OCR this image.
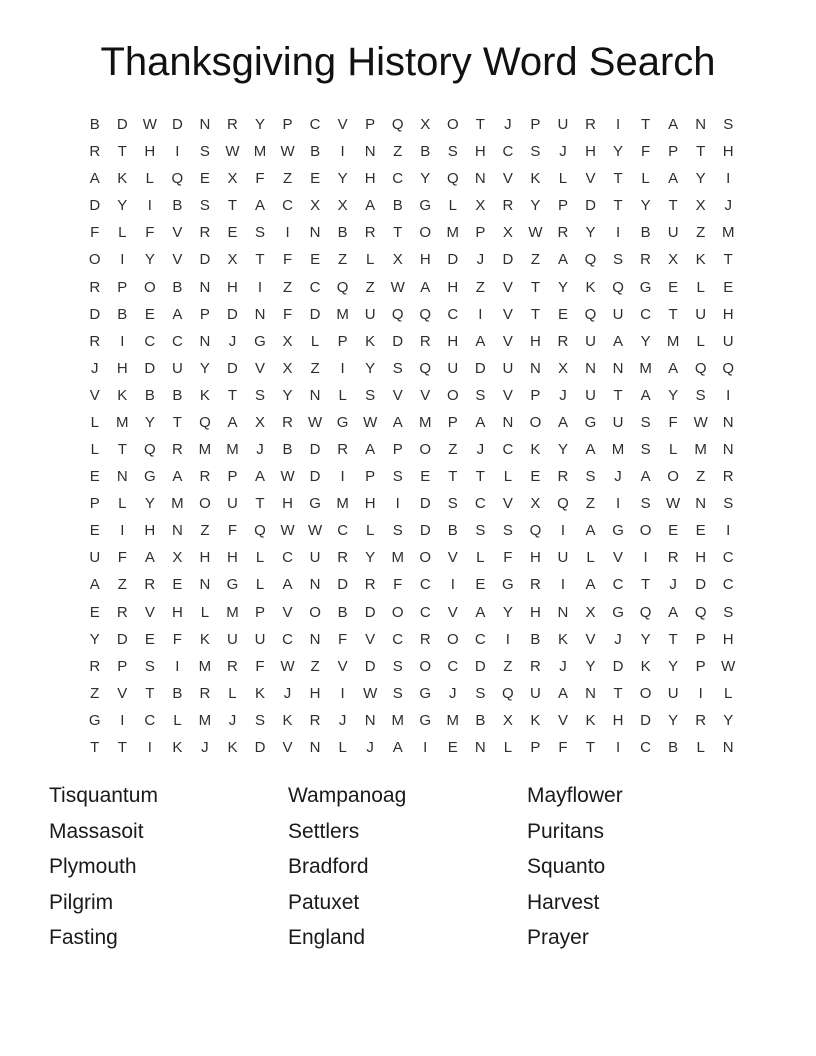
Thanksgiving History Word Search
B	D	W	D	N	R	Y	P	C	V	P	Q	X	O	T	J	P	U	R	I	T	A	N	S
R	T	H	I	S	W M W	B	I	N	Z	B	S	H	C	S	J	H	Y	F	P	T	H
A	K	L	Q	E	X	F	Z	E	Y	H	C	Y	Q	N	V	K	L	V	T	L	A	Y	I
D	Y	I	B	S	T	A	C	X	X	A	B	G	L	X	R	Y	P	D	T	Y	T	X	J
F	L	F	V	R	E	S	I	N	B	R	T	O	M	P	X	W	R	Y	I	B	U	Z	M
O	I	Y	V	D	X	T	F	E	Z	L	X	H	D	J	D	Z	A	Q	S	R	X	K	T
R	P	O	B	N	H	I	Z	C	Q	Z	W	A	H	Z	V	T	Y	K	Q	G	E	L	E
D	B	E	A	P	D	N	F	D	M	U	Q	Q	C	I	V	T	E	Q	U	C	T	U	H
R	I	C	C	N	J	G	X	L	P	K	D	R	H	A	V	H	R	U	A	Y	M	L	U
J	H	D	U	Y	D	V	X	Z	I	Y	S	Q	U	D	U	N	X	N	N	M	A	Q	Q
V	K	B	B	K	T	S	Y	N	L	S	V	V	O	S	V	P	J	U	T	A	Y	S	I
L	M	Y	T	Q	A	X	R	W G W	A	M	P	A	N	O	A	G	U	S	F	W	N
L	T	Q	R	M	M	J	B	D	R	A	P	O	Z	J	C	K	Y	A	M	S	L	M	N
E	N	G	A	R	P	A	W	D	I	P	S	E	T	T	L	E	R	S	J	A	O	Z	R
P	L	Y	M	O	U	T	H	G	M	H	I	D	S	C	V	X	Q	Z	I	S	W	N	S
E	I	H	N	Z	F	Q W W	C	L	S	D	B	S	S	Q	I	A	G	O	E	E	I
U	F	A	X	H	H	L	C	U	R	Y	M	O	V	L	F	H	U	L	V	I	R	H	C
A	Z	R	E	N	G	L	A	N	D	R	F	C	I	E	G	R	I	A	C	T	J	D	C
E	R	V	H	L	M	P	V	O	B	D	O	C	V	A	Y	H	N	X	G	Q	A	Q	S
Y	D	E	F	K	U	U	C	N	F	V	C	R	O	C	I	B	K	V	J	Y	T	P	H
R	P	S	I	M	R	F	W	Z	V	D	S	O	C	D	Z	R	J	Y	D	K	Y	P	W
Z	V	T	B	R	L	K	J	H	I	W	S	G	J	S	Q	U	A	N	T	O	U	I	L
G	I	C	L	M	J	S	K	R	J	N	M	G	M	B	X	K	V	K	H	D	Y	R	Y
T	T	I	K	J	K	D	V	N	L	J	A	I	E	N	L	P	F	T	I	C	B	L	N
Tisquantum
Massasoit
Plymouth
Pilgrim
Fasting
Wampanoag
Settlers
Bradford
Patuxet
England
Mayflower
Puritans
Squanto
Harvest
Prayer
